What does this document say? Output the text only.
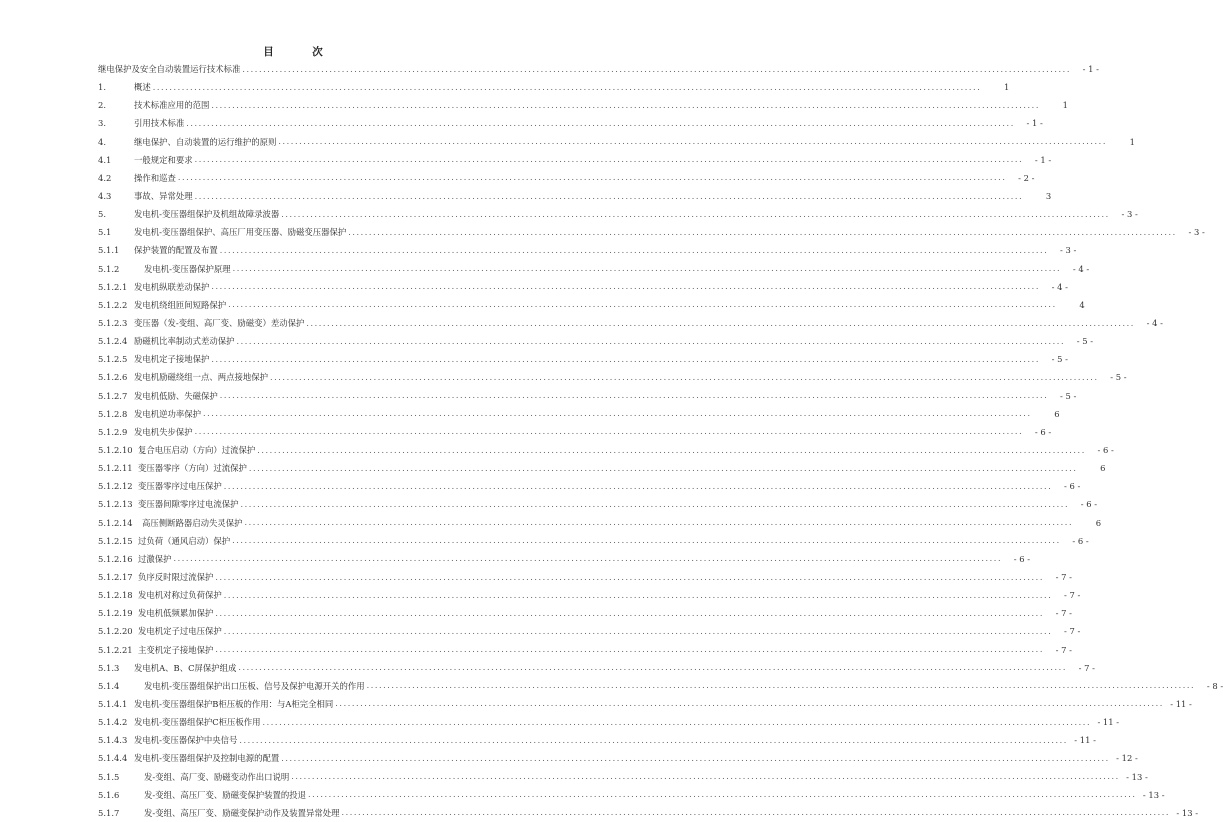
目　次
继电保护及安全自动装置运行技术标准 ........................................................................................................................................................................................................	- 1 -
1.	概述 ........................................................................................................................................................................................................	1
2.	技术标准应用的范围 ........................................................................................................................................................................................................	1
3.	引用技术标准 ........................................................................................................................................................................................................	- 1 -
4.	继电保护、自动装置的运行维护的原则 ........................................................................................................................................................................................................	1
4.1	一般规定和要求 ........................................................................................................................................................................................................	- 1 -
4.2	操作和巡查 ........................................................................................................................................................................................................	- 2 -
4.3	事故、异常处理 ........................................................................................................................................................................................................	3
5.	发电机-变压器组保护及机组故障录波器 ........................................................................................................................................................................................................	- 3 -
5.1	发电机-变压器组保护、高压厂用变压器、励磁变压器保护 ........................................................................................................................................................................................................	- 3 -
5.1.1	保护装置的配置及布置 ........................................................................................................................................................................................................	- 3 -
5.1.2	发电机-变压器保护原理 ........................................................................................................................................................................................................	- 4 -
5.1.2.1 发电机纵联差动保护 ........................................................................................................................................................................................................	- 4 -
5.1.2.2 发电机绕组匝间短路保护 ........................................................................................................................................................................................................	4
5.1.2.3 变压器（发-变组、高厂变、励磁变）差动保护 ........................................................................................................................................................................................................	- 4 -
5.1.2.4 励磁机比率制动式差动保护 ........................................................................................................................................................................................................	- 5 -
5.1.2.5 发电机定子接地保护 ........................................................................................................................................................................................................	- 5 -
5.1.2.6 发电机励磁绕组一点、两点接地保护 ........................................................................................................................................................................................................	- 5 -
5.1.2.7 发电机低励、失磁保护 ........................................................................................................................................................................................................	- 5 -
5.1.2.8 发电机逆功率保护 ........................................................................................................................................................................................................	6
5.1.2.9 发电机失步保护 ........................................................................................................................................................................................................	- 6 -
5.1.2.10 复合电压启动（方向）过流保护 ........................................................................................................................................................................................................	- 6 -
5.1.2.11 变压器零序（方向）过流保护 ........................................................................................................................................................................................................	6
5.1.2.12 变压器零序过电压保护 ........................................................................................................................................................................................................	- 6 -
5.1.2.13 变压器间隙零序过电流保护 ........................................................................................................................................................................................................	- 6 -
5.1.2.14	高压侧断路器启动失灵保护 ........................................................................................................................................................................................................	6
5.1.2.15 过负荷（通风启动）保护 ........................................................................................................................................................................................................	- 6 -
5.1.2.16 过激保护 ........................................................................................................................................................................................................	- 6 -
5.1.2.17 负序反时限过流保护 ........................................................................................................................................................................................................	- 7 -
5.1.2.18 发电机对称过负荷保护 ........................................................................................................................................................................................................	- 7 -
5.1.2.19 发电机低频累加保护 ........................................................................................................................................................................................................	- 7 -
5.1.2.20 发电机定子过电压保护 ........................................................................................................................................................................................................	- 7 -
5.1.2.21 主变机定子接地保护 ........................................................................................................................................................................................................	- 7 -
5.1.3	发电机A、B、C屏保护组成 ........................................................................................................................................................................................................	- 7 -
5.1.4	发电机-变压器组保护出口压板、信号及保护电源开关的作用 ........................................................................................................................................................................................................	- 8 -
5.1.4.1 发电机-变压器组保护B柜压板的作用：与A柜完全相同 ........................................................................................................................................................................................................ - 11 -
5.1.4.2 发电机-变压器组保护C柜压板作用 ........................................................................................................................................................................................................ - 11 -
5.1.4.3 发电机-变压器保护中央信号 ........................................................................................................................................................................................................ - 11 -
5.1.4.4 发电机-变压器组保护及控制电源的配置 ........................................................................................................................................................................................................ - 12 -
5.1.5	发-变组、高厂变、励磁变动作出口说明 ........................................................................................................................................................................................................ - 13 -
5.1.6	发-变组、高压厂变、励磁变保护装置的投退 ........................................................................................................................................................................................................ - 13 -
5.1.7	发-变组、高压厂变、励磁变保护动作及装置异常处理 ........................................................................................................................................................................................................ - 13 -
